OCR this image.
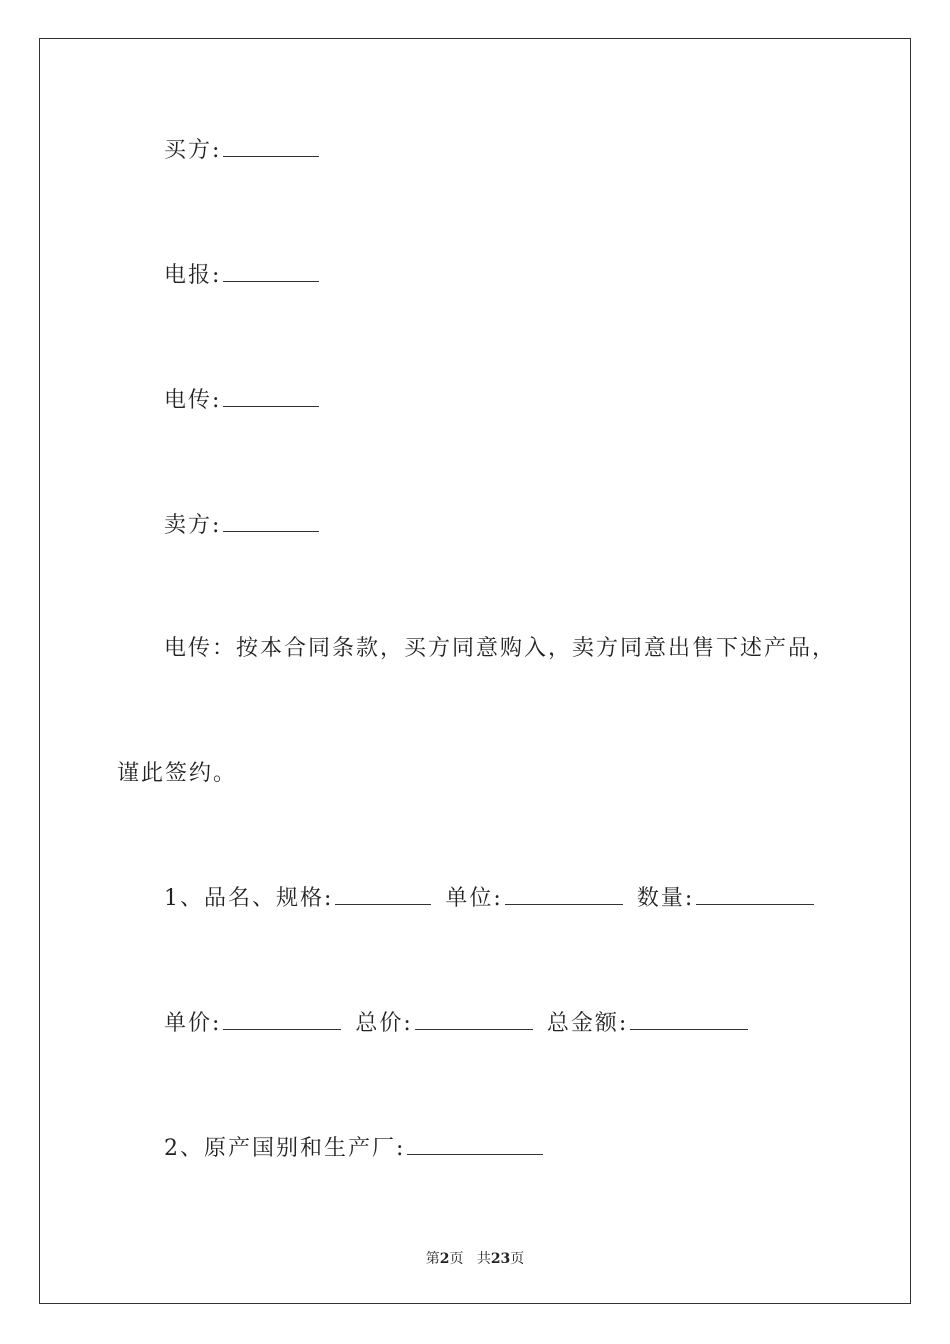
买方:
电报:
电传:
卖方:
电传：按本合同条款，买方同意购入，卖方同意出售下述产品，
谨此签约。
1、品名、规格:	单位:	数量:
单价:	总价:	总金额:
2、原产国别和生产厂:
第2页 共23页
